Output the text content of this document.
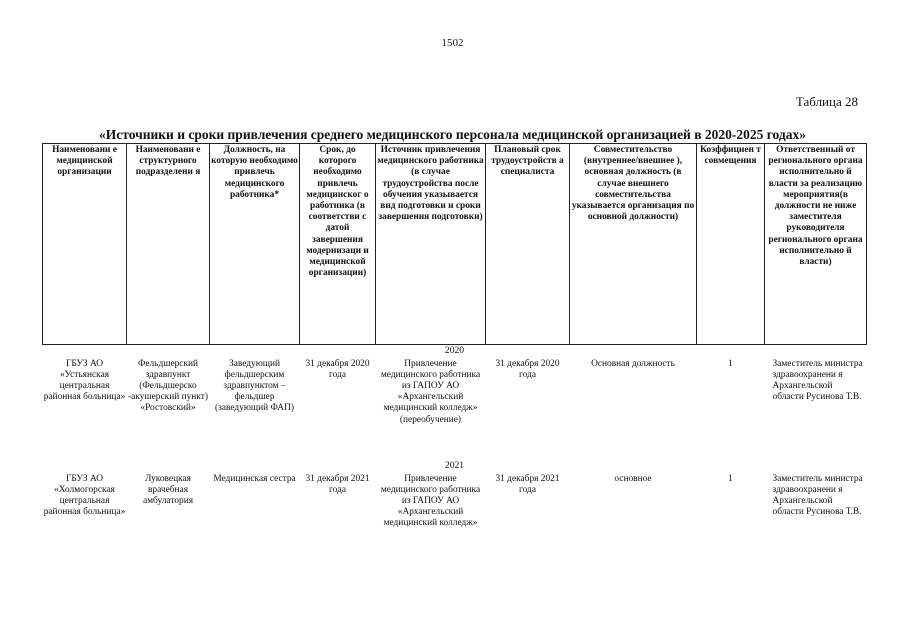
1502
Таблица 28
«Источники и сроки привлечения среднего медицинского персонала медицинской организацией в 2020-2025 годах»
Наименовани е медицинской организации	Наименовани е структурного подразделени я	Должность, на которую необходимо привлечь медицинского работника*	Срок, до которого необходимо привлечь медицинског о работника (в соответстви с датой завершения модернизаци и медицинской организации)	Источник привлечения медицинского работника (в случае трудоустройства после обучения указывается вид подготовки и сроки завершения подготовки)	Плановый срок трудоустройств а специалиста	Совместительство (внутреннее/внешнее ), основная должность (в случае внешнего совместительства указывается организация по основной должности)	Коэффициен т совмещения	Ответственный от регионального органа исполнительно й власти за реализацию мероприятия(в должности не ниже заместителя руководителя регионального органа исполнительно й власти)
2020								
ГБУЗ АО «Устьянская центральная районная больница»	Фельдшерский здравпункт (Фельдшерско -акушерский пункт) «Ростовский»	Заведующий фельдшерским здравпунктом – фельдшер (заведующий ФАП)	31 декабря 2020 года	Привлечение медицинского работника из ГАПОУ АО «Архангельский медицинский колледж» (переобучение)	31 декабря 2020 года	Основная должность	1	Заместитель министра здравоохранени я Архангельской области Русинова Т.В.
2021								
ГБУЗ АО «Холмогорская центральная районная больница»	Луковецкая врачебная амбулатория	Медицинская сестра	31 декабря 2021 года	Привлечение медицинского работника из ГАПОУ АО «Архангельский медицинский колледж»	31 декабря 2021 года	основное	1	Заместитель министра здравоохранени я Архангельской области Русинова Т.В.
